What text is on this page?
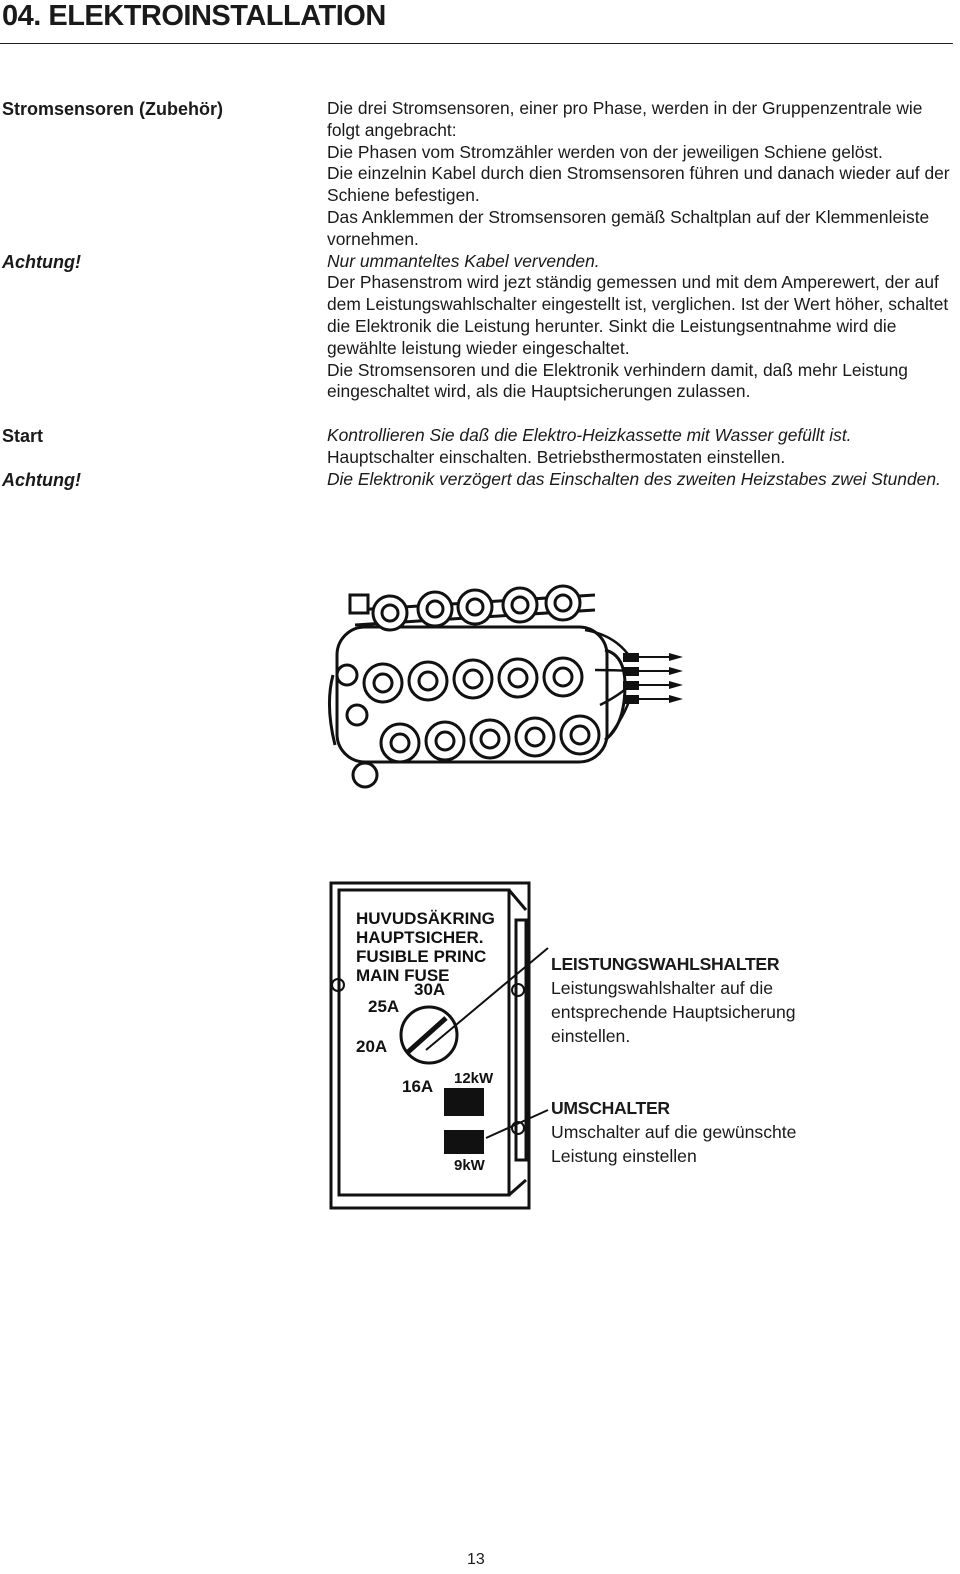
04. ELEKTROINSTALLATION
Stromsensoren (Zubehör)
Achtung!
Start
Achtung!

Die drei Stromsensoren, einer pro Phase, werden in der Gruppenzentrale wie folgt angebracht:

Die Phasen vom Stromzähler werden von der jeweiligen Schiene gelöst.

Die einzelnin Kabel durch dien Stromsensoren führen und danach wieder auf der Schiene befestigen.

Das Anklemmen der Stromsensoren gemäß Schaltplan auf der Klemmenleiste vornehmen.

Nur ummanteltes Kabel vervenden.

Der Phasenstrom wird jezt ständig gemessen und mit dem Amperewert, der auf dem Leistungswahlschalter eingestellt ist, verglichen. Ist der Wert höher, schaltet die Elektronik die Leistung herunter. Sinkt die Leistungsentnahme wird die gewählte leistung wieder eingeschaltet.

Die Stromsensoren und die Elektronik verhindern damit, daß mehr Leistung eingeschaltet wird, als die Hauptsicherungen zulassen.

Kontrollieren Sie daß die Elektro-Heizkassette mit Wasser gefüllt ist.

Hauptschalter einschalten. Betriebsthermostaten einstellen.

Die Elektronik verzögert das Einschalten des zweiten Heizstabes zwei Stunden.

HUVUDSÄKRING
HAUPTSICHER.
FUSIBLE PRINC
MAIN FUSE
30A
25A
20A
16A 12kW
9kW
LEISTUNGSWAHLSHALTER
Leistungswahlshalter auf die entsprechende Hauptsicherung einstellen.
UMSCHALTER
Umschalter auf die gewünschte Leistung einstellen
13
